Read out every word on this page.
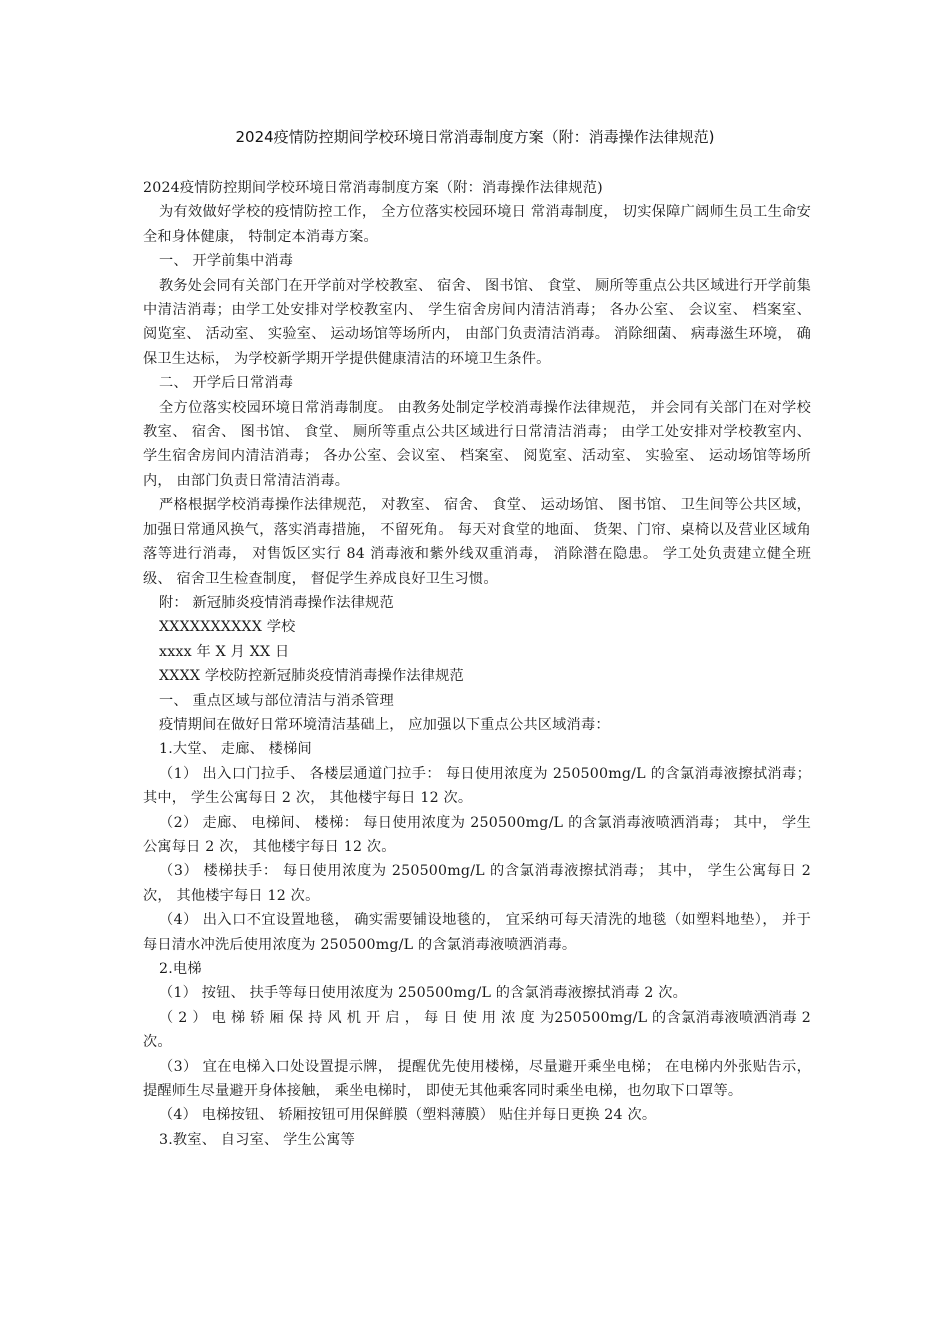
2024疫情防控期间学校环境日常消毒制度方案（附：消毒操作法律规范)

2024疫情防控期间学校环境日常消毒制度方案（附：消毒操作法律规范)

为有效做好学校的疫情防控工作， 全方位落实校园环境日 常消毒制度， 切实保障广阔师生员工生命安全和身体健康， 特制定本消毒方案。

一、 开学前集中消毒

教务处会同有关部门在开学前对学校教室、 宿舍、 图书馆、 食堂、 厕所等重点公共区域进行开学前集中清洁消毒；由学工处安排对学校教室内、 学生宿舍房间内清洁消毒； 各办公室、 会议室、 档案室、 阅览室、 活动室、 实验室、 运动场馆等场所内， 由部门负责清洁消毒。 消除细菌、 病毒滋生环境， 确保卫生达标， 为学校新学期开学提供健康清洁的环境卫生条件。

二、 开学后日常消毒

全方位落实校园环境日常消毒制度。 由教务处制定学校消毒操作法律规范， 并会同有关部门在对学校教室、 宿舍、 图书馆、 食堂、 厕所等重点公共区域进行日常清洁消毒； 由学工处安排对学校教室内、 学生宿舍房间内清洁消毒； 各办公室、会议室、 档案室、 阅览室、活动室、 实验室、 运动场馆等场所内， 由部门负责日常清洁消毒。

严格根据学校消毒操作法律规范， 对教室、 宿舍、 食堂、 运动场馆、 图书馆、 卫生间等公共区域， 加强日常通风换气，落实消毒措施， 不留死角。 每天对食堂的地面、 货架、门帘、桌椅以及营业区域角落等进行消毒， 对售饭区实行 84 消毒液和紫外线双重消毒， 消除潜在隐患。 学工处负责建立健全班级、 宿舍卫生检查制度， 督促学生养成良好卫生习惯。

附： 新冠肺炎疫情消毒操作法律规范

XXXXXXXXXX 学校

xxxx 年 X 月 XX 日

XXXX 学校防控新冠肺炎疫情消毒操作法律规范

一、 重点区域与部位清洁与消杀管理

疫情期间在做好日常环境清洁基础上， 应加强以下重点公共区域消毒：

1.大堂、 走廊、 楼梯间

（1） 出入口门拉手、 各楼层通道门拉手： 每日使用浓度为 250500mg/L 的含氯消毒液擦拭消毒； 其中， 学生公寓每日 2 次， 其他楼宇每日 12 次。

（2） 走廊、 电梯间、 楼梯： 每日使用浓度为 250500mg/L 的含氯消毒液喷洒消毒； 其中， 学生公寓每日 2 次， 其他楼宇每日 12 次。

（3） 楼梯扶手： 每日使用浓度为 250500mg/L 的含氯消毒液擦拭消毒； 其中， 学生公寓每日 2 次， 其他楼宇每日 12 次。

（4） 出入口不宜设置地毯， 确实需要铺设地毯的， 宜采纳可每天清洗的地毯（如塑料地垫）， 并于每日清水冲洗后使用浓度为 250500mg/L 的含氯消毒液喷洒消毒。

2.电梯

（1） 按钮、 扶手等每日使用浓度为 250500mg/L 的含氯消毒液擦拭消毒 2 次。

（ 2 ） 电 梯 轿 厢 保 持 风 机 开 启 ， 每 日 使 用 浓 度 为250500mg/L 的含氯消毒液喷洒消毒 2 次。

（3） 宜在电梯入口处设置提示牌， 提醒优先使用楼梯，尽量避开乘坐电梯； 在电梯内外张贴告示， 提醒师生尽量避开身体接触， 乘坐电梯时， 即使无其他乘客同时乘坐电梯，也勿取下口罩等。

（4） 电梯按钮、 轿厢按钮可用保鲜膜（塑料薄膜） 贴住并每日更换 24 次。

3.教室、 自习室、 学生公寓等
